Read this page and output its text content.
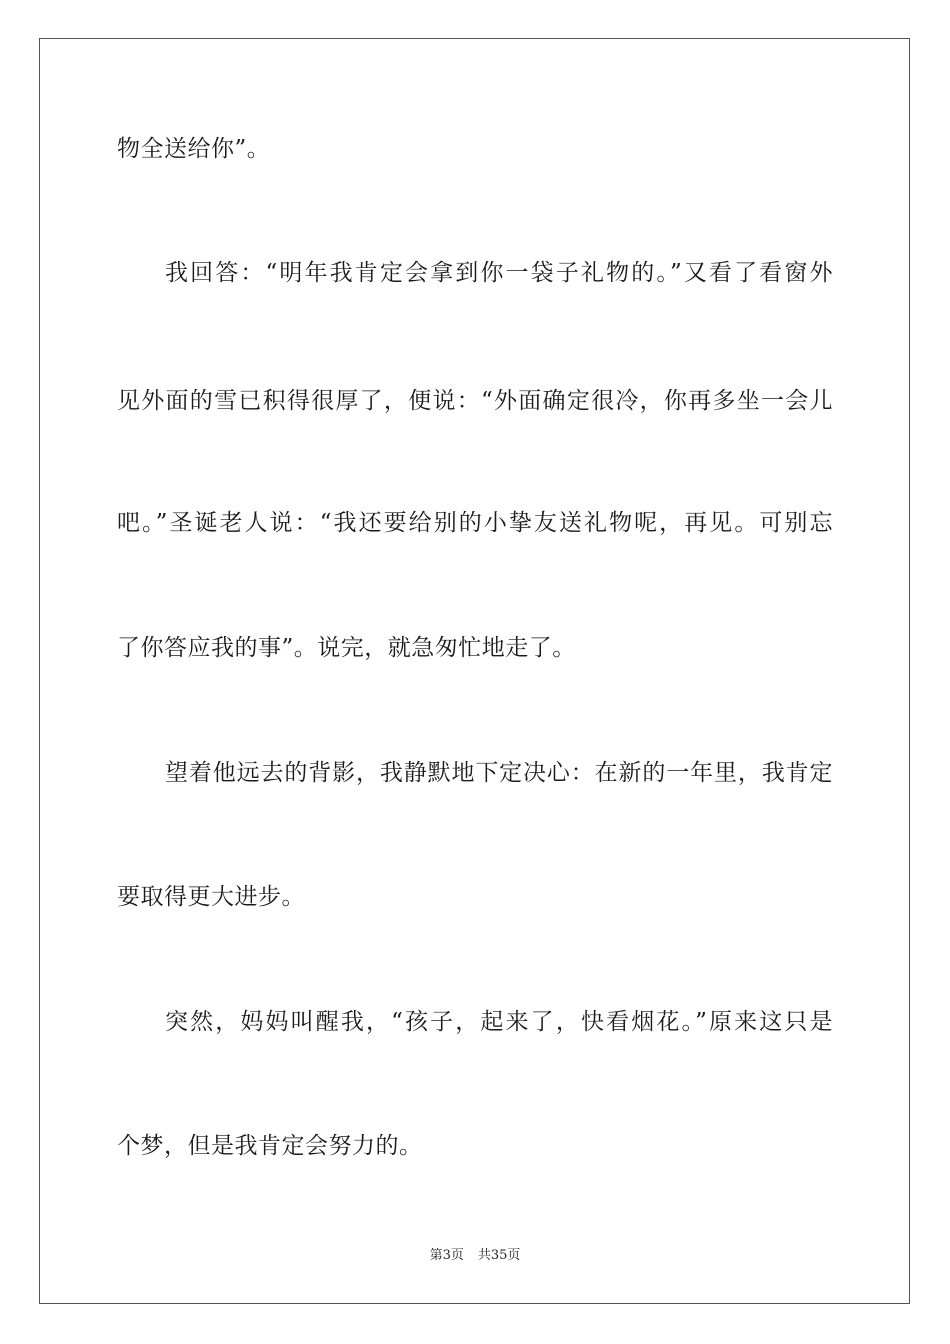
物全送给你”。
我回答：“明年我肯定会拿到你一袋子礼物的。”又看了看窗外
见外面的雪已积得很厚了，便说：“外面确定很冷，你再多坐一会儿
吧。”圣诞老人说：“我还要给别的小挚友送礼物呢，再见。可别忘
了你答应我的事”。说完，就急匆忙地走了。
望着他远去的背影，我静默地下定决心：在新的一年里，我肯定
要取得更大进步。
突然，妈妈叫醒我，“孩子，起来了，快看烟花。”原来这只是
个梦，但是我肯定会努力的。
第3页 共35页
